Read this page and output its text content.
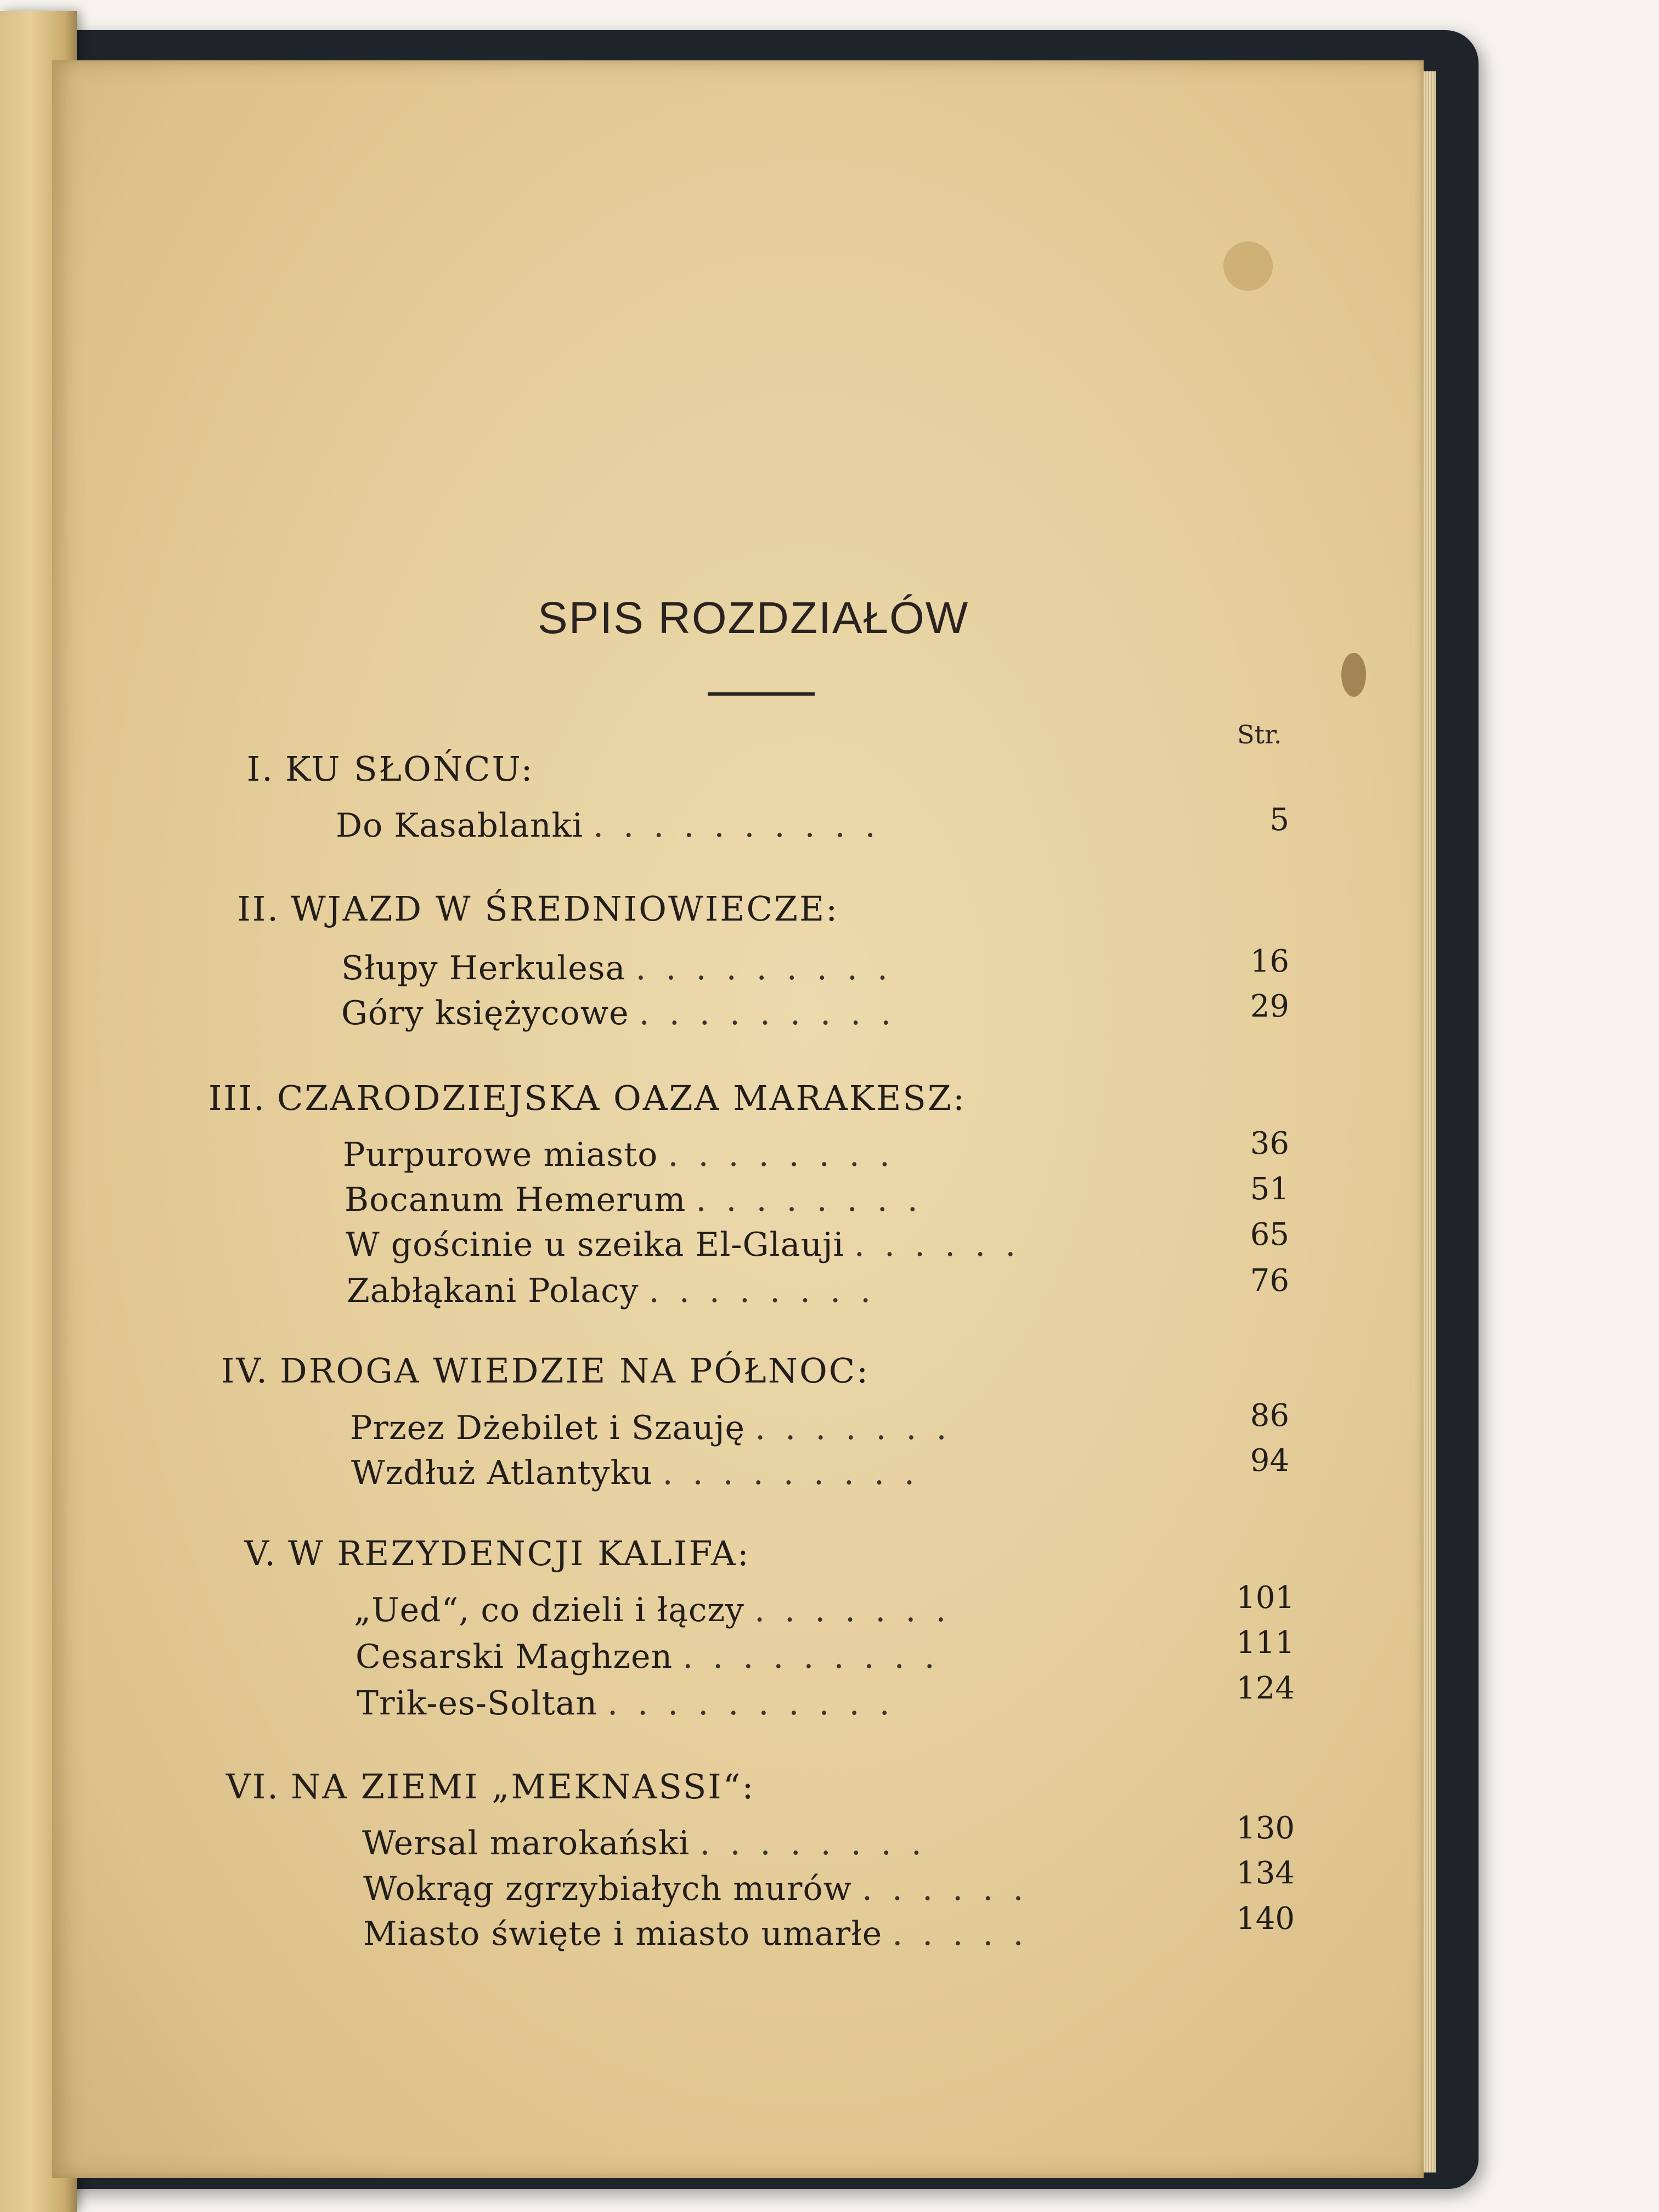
SPIS ROZDZIAŁÓW
Str.
I. KU SŁOŃCU:
Do Kasablanki ..........	5
II. WJAZD W ŚREDNIOWIECZE:
Słupy Herkulesa .........	16
Góry księżycowe .........	29
III. CZARODZIEJSKA OAZA MARAKESZ:
Purpurowe miasto ........	36
Bocanum Hemerum ........	51
W gościnie u szeika El-Glauji ......	65
Zabłąkani Polacy ........	76
IV. DROGA WIEDZIE NA PÓŁNOC:
Przez Dżebilet i Szauję .......	86
Wzdłuż Atlantyku .........	94
V. W REZYDENCJI KALIFA:
„Ued“, co dzieli i łączy .......	101
Cesarski Maghzen .........	111
Trik-es-Soltan ..........	124
VI. NA ZIEMI „MEKNASSI“:
Wersal marokański ........	130
Wokrąg zgrzybiałych murów ......	134
Miasto święte i miasto umarłe .....	140
